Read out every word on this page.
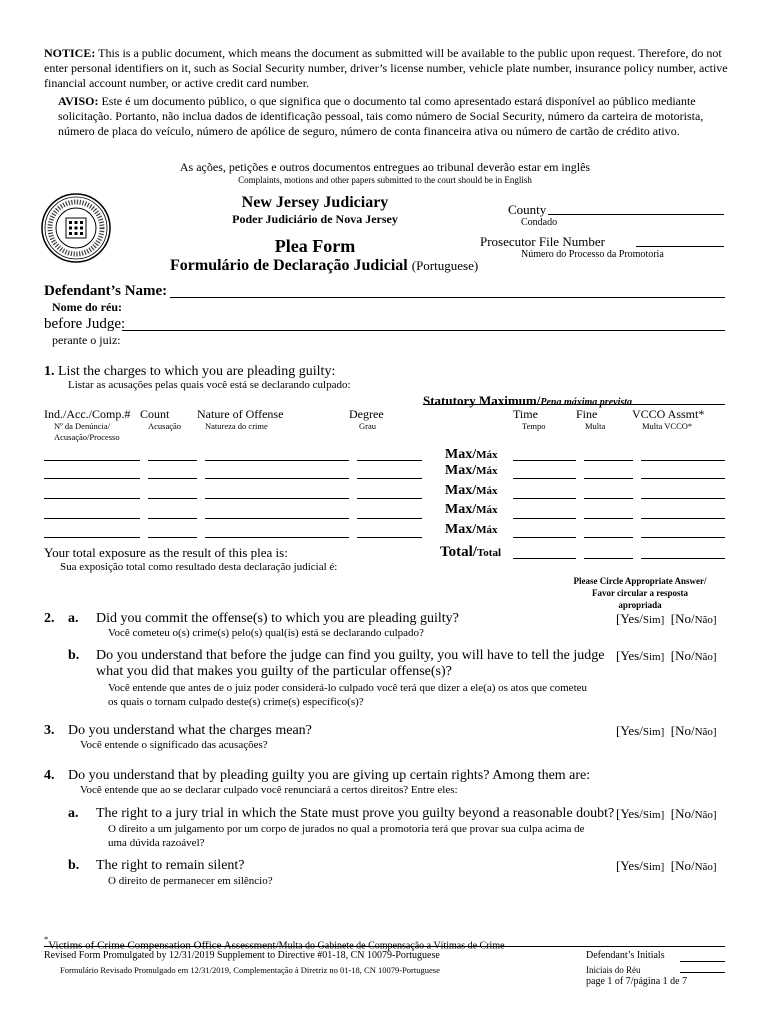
NOTICE: This is a public document, which means the document as submitted will be available to the public upon request. Therefore, do not enter personal identifiers on it, such as Social Security number, driver’s license number, vehicle plate number, insurance policy number, active financial account number, or active credit card number.
AVISO: Este é um documento público, o que significa que o documento tal como apresentado estará disponível ao público mediante solicitação. Portanto, não inclua dados de identificação pessoal, tais como número de Social Security, número da carteira de motorista, número de placa do veículo, número de apólice de seguro, número de conta financeira ativa ou número de cartão de crédito ativo.
As ações, petições e outros documentos entregues ao tribunal deverão estar em inglês
Complaints, motions and other papers submitted to the court should be in English
New Jersey Judiciary
Poder Judiciário de Nova Jersey
Plea Form
Formulário de Declaração Judicial (Portuguese)
County
Condado
Prosecutor File Number
Número do Processo da Promotoria
Defendant’s Name:
Nome do réu:
before Judge:
perante o juiz:
1. List the charges to which you are pleading guilty:
Listar as acusações pelas quais você está se declarando culpado:
Statutory Maximum/Pena máxima prevista
Ind./Acc./Comp.#
Nº da Denúncia/
Acusação/Processo
Count
Acusação
Nature of Offense
Natureza do crime
Degree
Grau
Time
Tempo
Fine
Multa
VCCO Assmt*
Multa VCCO*
Max/Máx
Max/Máx
Max/Máx
Max/Máx
Max/Máx
Your total exposure as the result of this plea is:
Sua exposição total como resultado desta declaração judicial é:
Total/Total
Please Circle Appropriate Answer/
Favor circular a resposta
apropriada
2. a. Did you commit the offense(s) to which you are pleading guilty?
Você cometeu o(s) crime(s) pelo(s) qual(is) está se declarando culpado?
[Yes/Sim] [No/Não]
b. Do you understand that before the judge can find you guilty, you will have to tell the judge
what you did that makes you guilty of the particular offense(s)?
Você entende que antes de o juiz poder considerá-lo culpado você terá que dizer a ele(a) os atos que cometeu
os quais o tornam culpado deste(s) crime(s) específico(s)?
[Yes/Sim] [No/Não]
3. Do you understand what the charges mean?
Você entende o significado das acusações?
[Yes/Sim] [No/Não]
4. Do you understand that by pleading guilty you are giving up certain rights? Among them are:
Você entende que ao se declarar culpado você renunciará a certos direitos? Entre eles:
a. The right to a jury trial in which the State must prove you guilty beyond a reasonable doubt?
O direito a um julgamento por um corpo de jurados no qual a promotoria terá que provar sua culpa acima de
uma dúvida razoável?
[Yes/Sim] [No/Não]
b. The right to remain silent?
O direito de permanecer em silêncio?
[Yes/Sim] [No/Não]
*Victims of Crime Compensation Office Assessment/Multa do Gabinete de Compensação a Vítimas de Crime
Revised Form Promulgated by 12/31/2019 Supplement to Directive #01-18, CN 10079-Portuguese
Formulário Revisado Promulgado em 12/31/2019, Complementação à Diretriz no 01-18, CN 10079-Portuguese
Defendant’s Initials
Iniciais do Réu
page 1 of 7/página 1 de 7
